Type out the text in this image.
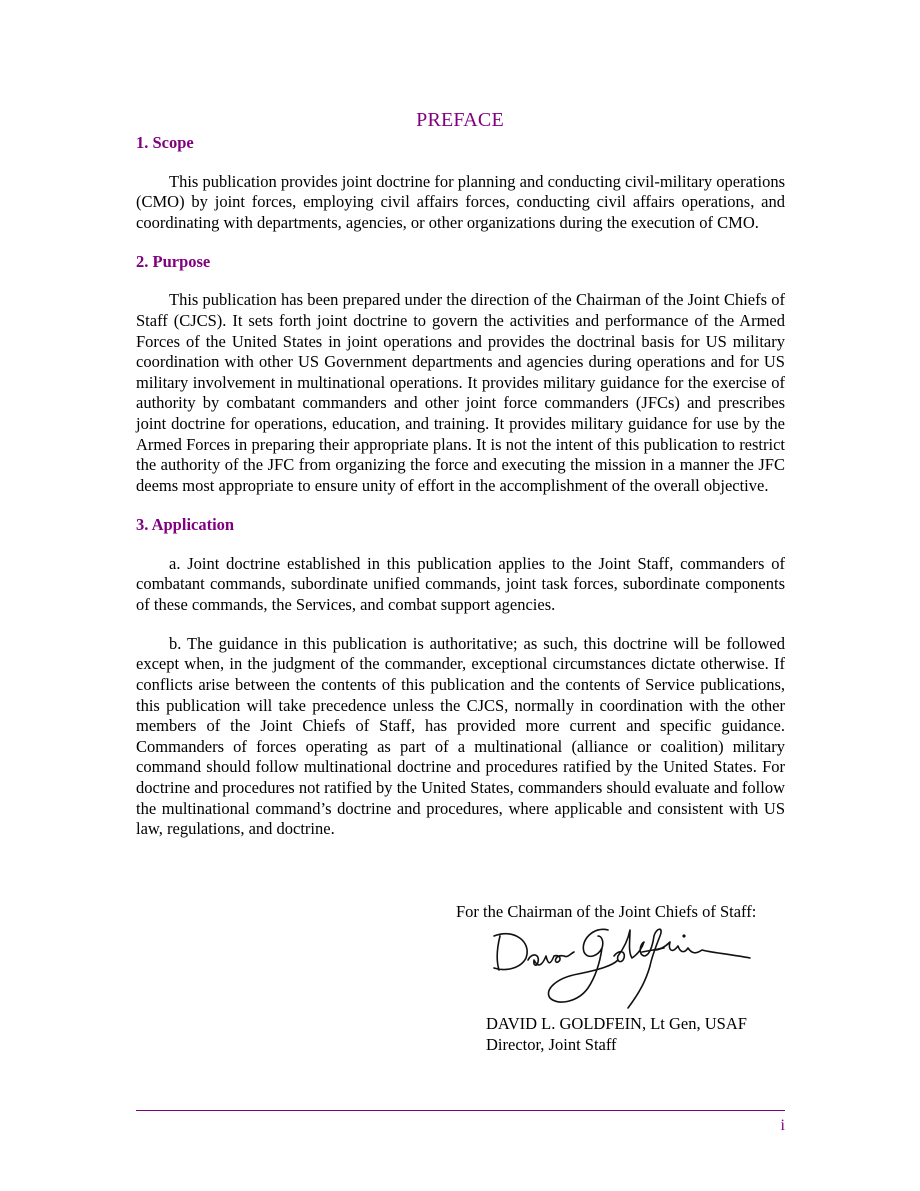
PREFACE
1. Scope

This publication provides joint doctrine for planning and conducting civil-military operations (CMO) by joint forces, employing civil affairs forces, conducting civil affairs operations, and coordinating with departments, agencies, or other organizations during the execution of CMO.

2. Purpose

This publication has been prepared under the direction of the Chairman of the Joint Chiefs of Staff (CJCS). It sets forth joint doctrine to govern the activities and performance of the Armed Forces of the United States in joint operations and provides the doctrinal basis for US military coordination with other US Government departments and agencies during operations and for US military involvement in multinational operations. It provides military guidance for the exercise of authority by combatant commanders and other joint force commanders (JFCs) and prescribes joint doctrine for operations, education, and training. It provides military guidance for use by the Armed Forces in preparing their appropriate plans. It is not the intent of this publication to restrict the authority of the JFC from organizing the force and executing the mission in a manner the JFC deems most appropriate to ensure unity of effort in the accomplishment of the overall objective.

3. Application

a. Joint doctrine established in this publication applies to the Joint Staff, commanders of combatant commands, subordinate unified commands, joint task forces, subordinate components of these commands, the Services, and combat support agencies.

b. The guidance in this publication is authoritative; as such, this doctrine will be followed except when, in the judgment of the commander, exceptional circumstances dictate otherwise. If conflicts arise between the contents of this publication and the contents of Service publications, this publication will take precedence unless the CJCS, normally in coordination with the other members of the Joint Chiefs of Staff, has provided more current and specific guidance. Commanders of forces operating as part of a multinational (alliance or coalition) military command should follow multinational doctrine and procedures ratified by the United States. For doctrine and procedures not ratified by the United States, commanders should evaluate and follow the multinational command’s doctrine and procedures, where applicable and consistent with US law, regulations, and doctrine.

For the Chairman of the Joint Chiefs of Staff:
DAVID L. GOLDFEIN, Lt Gen, USAF
Director, Joint Staff
i
